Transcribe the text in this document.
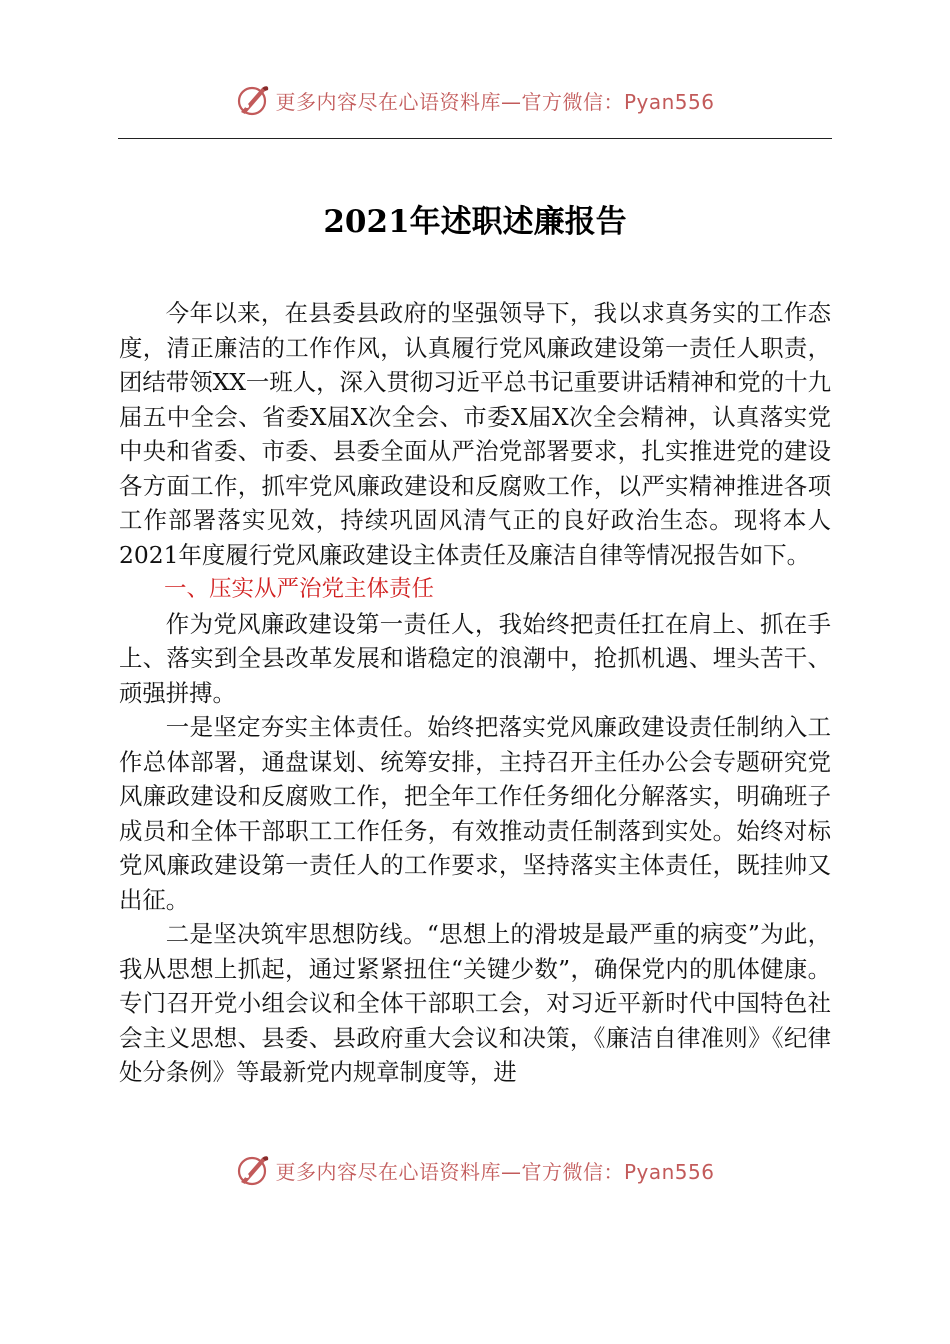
更多内容尽在心语资料库—官方微信：Pyan556
2021年述职述廉报告

今年以来，在县委县政府的坚强领导下，我以求真务实的工作态度，清正廉洁的工作作风，认真履行党风廉政建设第一责任人职责，团结带领XX一班人，深入贯彻习近平总书记重要讲话精神和党的十九届五中全会、省委X届X次全会、市委X届X次全会精神，认真落实党中央和省委、市委、县委全面从严治党部署要求，扎实推进党的建设各方面工作，抓牢党风廉政建设和反腐败工作，以严实精神推进各项工作部署落实见效，持续巩固风清气正的良好政治生态。现将本人2021年度履行党风廉政建设主体责任及廉洁自律等情况报告如下。

一、压实从严治党主体责任

作为党风廉政建设第一责任人，我始终把责任扛在肩上、抓在手上、落实到全县改革发展和谐稳定的浪潮中，抢抓机遇、埋头苦干、顽强拼搏。

一是坚定夯实主体责任。始终把落实党风廉政建设责任制纳入工作总体部署，通盘谋划、统筹安排，主持召开主任办公会专题研究党风廉政建设和反腐败工作，把全年工作任务细化分解落实，明确班子成员和全体干部职工工作任务，有效推动责任制落到实处。始终对标党风廉政建设第一责任人的工作要求，坚持落实主体责任，既挂帅又出征。

二是坚决筑牢思想防线。“思想上的滑坡是最严重的病变”为此，我从思想上抓起，通过紧紧扭住“关键少数”，确保党内的肌体健康。专门召开党小组会议和全体干部职工会，对习近平新时代中国特色社会主义思想、县委、县政府重大会议和决策，《廉洁自律准则》《纪律处分条例》等最新党内规章制度等，进

更多内容尽在心语资料库—官方微信：Pyan556
